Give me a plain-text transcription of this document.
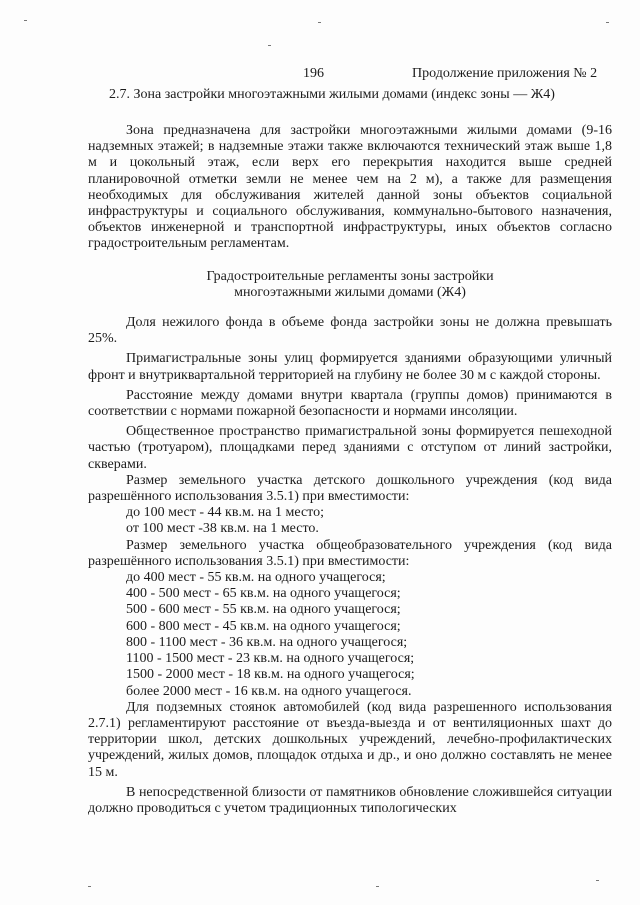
196	Продолжение приложения № 2
2.7. Зона застройки многоэтажными жилыми домами (индекс зоны — Ж4)

Зона предназначена для застройки многоэтажными жилыми домами (9-16 надземных этажей; в надземные этажи также включаются технический этаж выше 1,8 м и цокольный этаж, если верх его перекрытия находится выше средней планировочной отметки земли не менее чем на 2 м), а также для размещения необходимых для обслуживания жителей данной зоны объектов социальной инфраструктуры и социального обслуживания, коммунально-бытового назначения, объектов инженерной и транспортной инфраструктуры, иных объектов согласно градостроительным регламентам.

Градостроительные регламенты зоны застройки
многоэтажными жилыми домами (Ж4)

Доля нежилого фонда в объеме фонда застройки зоны не должна превышать 25%.

Примагистральные зоны улиц формируется зданиями образующими уличный фронт и внутриквартальной территорией на глубину не более 30 м с каждой стороны.

Расстояние между домами внутри квартала (группы домов) принимаются в соответствии с нормами пожарной безопасности и нормами инсоляции.

Общественное пространство примагистральной зоны формируется пешеходной частью (тротуаром), площадками перед зданиями с отступом от линий застройки, скверами.

Размер земельного участка детского дошкольного учреждения (код вида разрешённого использования 3.5.1) при вместимости:

до 100 мест - 44 кв.м. на 1 место;
от 100 мест -38 кв.м. на 1 место.

Размер земельного участка общеобразовательного учреждения (код вида разрешённого использования 3.5.1) при вместимости:

до 400 мест - 55 кв.м. на одного учащегося;
400 - 500 мест - 65 кв.м. на одного учащегося;
500 - 600 мест - 55 кв.м. на одного учащегося;
600 - 800 мест - 45 кв.м. на одного учащегося;
800 - 1100 мест - 36 кв.м. на одного учащегося;
1100 - 1500 мест - 23 кв.м. на одного учащегося;
1500 - 2000 мест - 18 кв.м. на одного учащегося;
более 2000 мест - 16 кв.м. на одного учащегося.

Для подземных стоянок автомобилей (код вида разрешенного использования 2.7.1) регламентируют расстояние от въезда-выезда и от вентиляционных шахт до территории школ, детских дошкольных учреждений, лечебно-профилактических учреждений, жилых домов, площадок отдыха и др., и оно должно составлять не менее 15 м.

В непосредственной близости от памятников обновление сложившейся ситуации должно проводиться с учетом традиционных типологических
